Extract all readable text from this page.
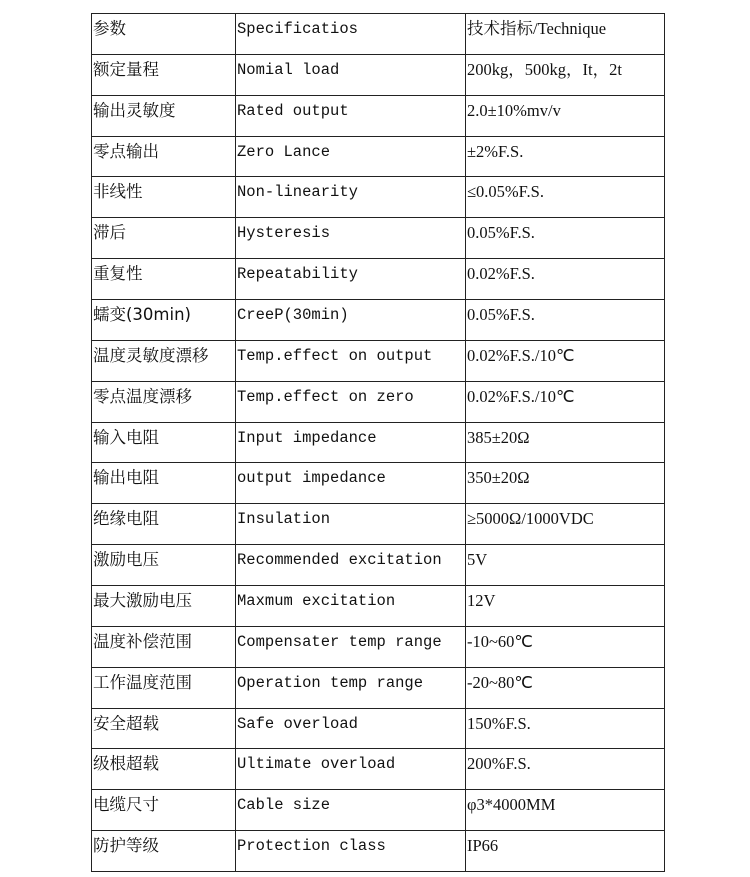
参数	Specificatios	技术指标/Technique
额定量程	Nomial load	200kg，500kg，It，2t
输出灵敏度	Rated output	2.0±10%mv/v
零点输出	Zero Lance	±2%F.S.
非线性	Non-linearity	≤0.05%F.S.
滞后	Hysteresis	0.05%F.S.
重复性	Repeatability	0.02%F.S.
蠕变(30min)	CreeP(30min)	0.05%F.S.
温度灵敏度漂移	Temp.effect on output	0.02%F.S./10℃
零点温度漂移	Temp.effect on zero	0.02%F.S./10℃
输入电阻	Input impedance	385±20Ω
输出电阻	output impedance	350±20Ω
绝缘电阻	Insulation	≥5000Ω/1000VDC
激励电压	Recommended excitation	5V
最大激励电压	Maxmum excitation	12V
温度补偿范围	Compensater temp range	-10~60℃
工作温度范围	Operation temp range	-20~80℃
安全超载	Safe overload	150%F.S.
级根超载	Ultimate overload	200%F.S.
电缆尺寸	Cable size	φ3*4000MM
防护等级	Protection class	IP66
